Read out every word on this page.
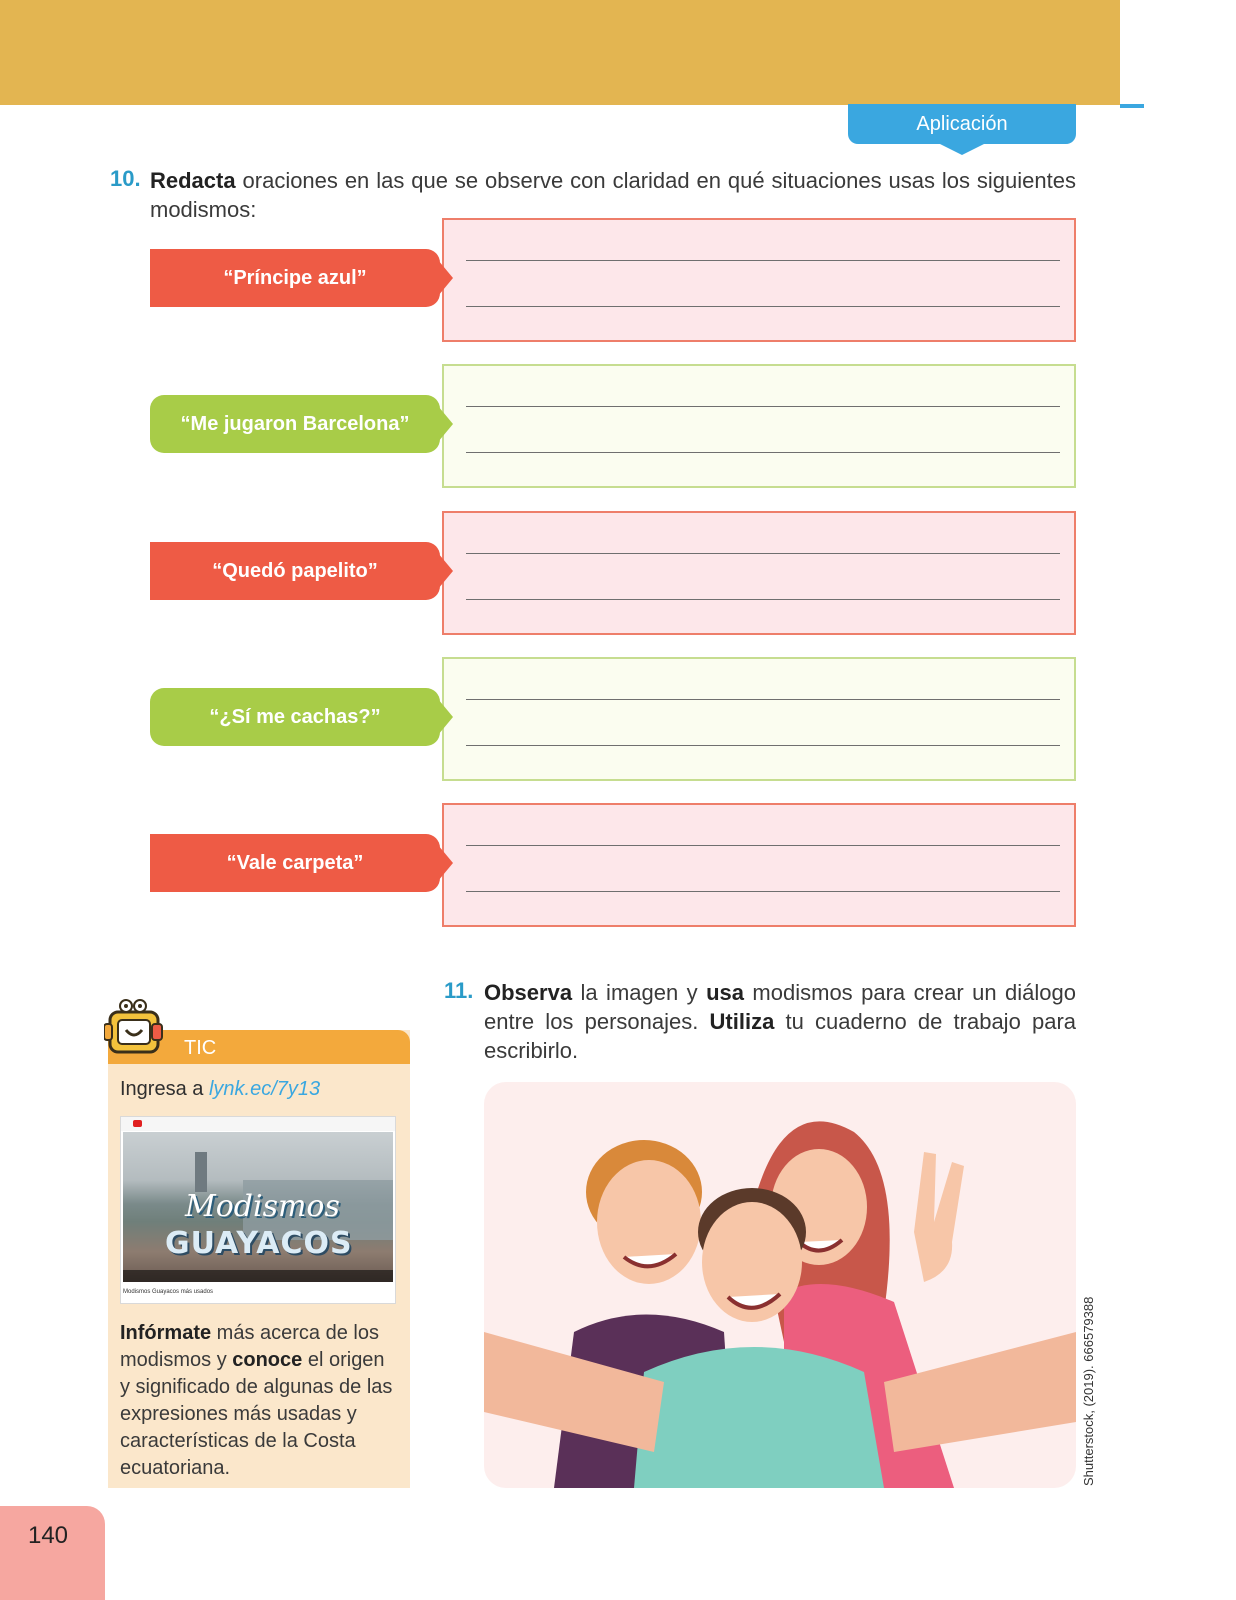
Aplicación
10. Redacta oraciones en las que se observe con claridad en qué situaciones usas los siguientes modismos:
“Príncipe azul”
“Me jugaron Barcelona”
“Quedó papelito”
“¿Sí me cachas?”
“Vale carpeta”
11. Observa la imagen y usa modismos para crear un diálogo entre los personajes. Utiliza tu cuaderno de trabajo para escribirlo.
TIC
Ingresa a lynk.ec/7y13
Modismos
GUAYACOS
Modismos Guayacos más usados
Infórmate más acerca de los modismos y conoce el origen y significado de algunas de las expresiones más usadas y características de la Costa ecuatoriana.	Shutterstock, (2019). 666579388
140
